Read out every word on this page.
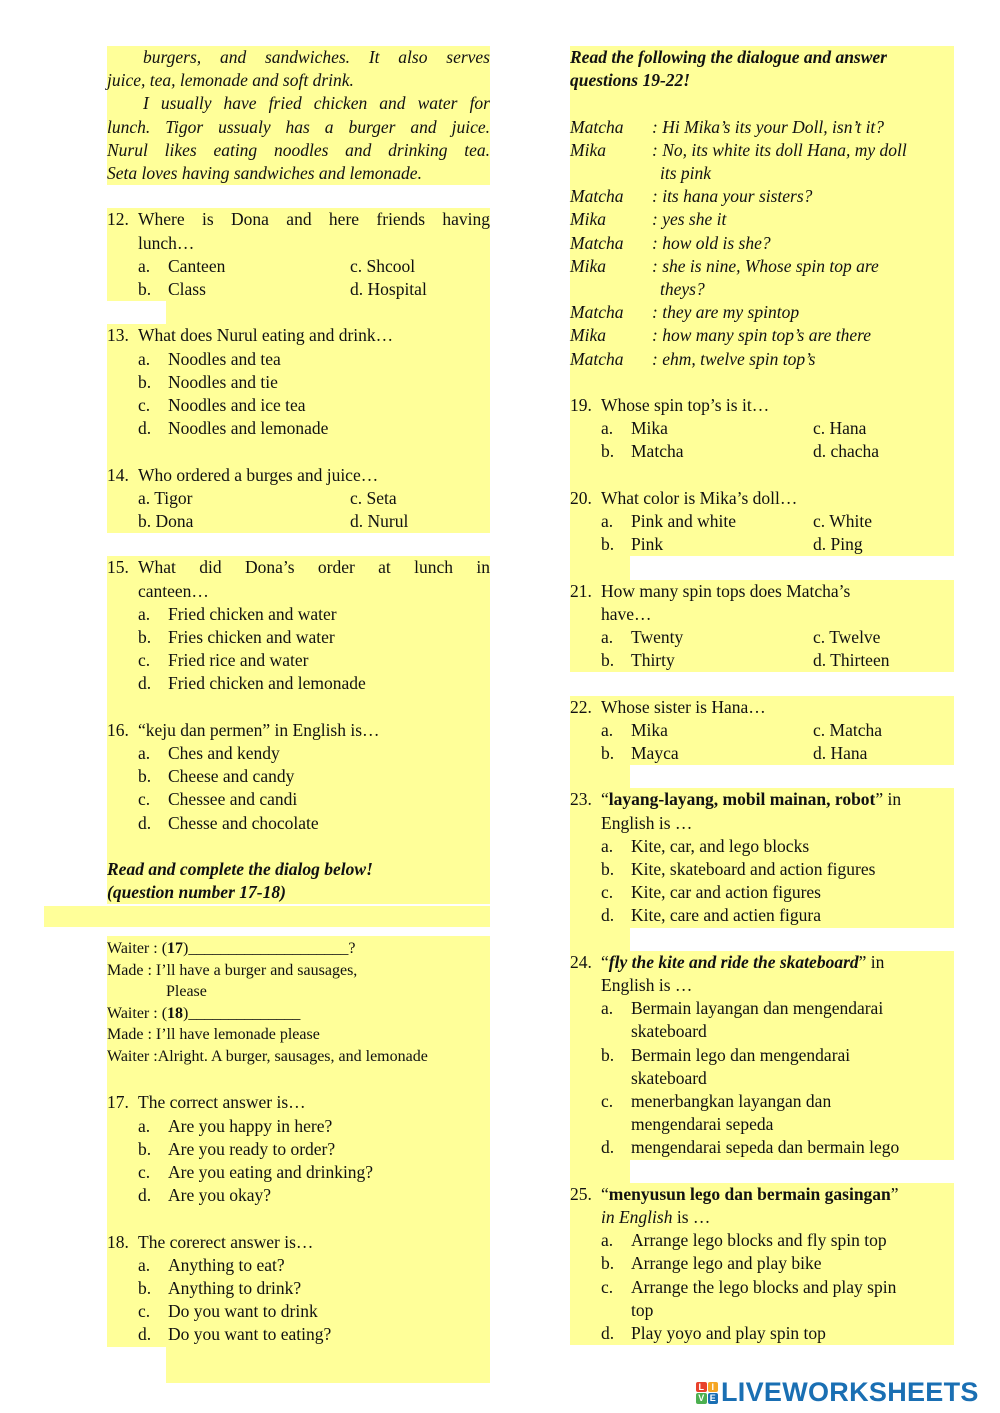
burgers, and sandwiches. It also serves
juice, tea, lemonade and soft drink.
I usually have fried chicken and water for
lunch. Tigor ussualy has a burger and juice.
Nurul likes eating noodles and drinking tea.
Seta loves having sandwiches and lemonade.
12. Where is Dona and here friends having
lunch…
a.	Canteen	c. Shcool
b. Class	d. Hospital
13. What does Nurul eating and drink…
a.	Noodles and tea
b. Noodles and tie
c.	Noodles and ice tea
d. Noodles and lemonade
14. Who ordered a burges and juice…
a. Tigor	c. Seta
b. Dona	d. Nurul
15. What did Dona’s order at lunch in
canteen…
a.	Fried chicken and water
b. Fries chicken and water
c.	Fried rice and water
d. Fried chicken and lemonade
16. “keju dan permen” in English is…
a.	Ches and kendy
b. Cheese and candy
c.	Chessee and candi
d. Chesse and chocolate
Read and complete the dialog below!
(question number 17-18)
Waiter : (17)____________________?
Made : I’ll have a burger and sausages,
Please
Waiter : (18)______________
Made : I’ll have lemonade please
Waiter :Alright. A burger, sausages, and lemonade
17. The correct answer is…
a.	Are you happy in here?
b. Are you ready to order?
c.	Are you eating and drinking?
d. Are you okay?
18. The corerect answer is…
a.	Anything to eat?
b. Anything to drink?
c.	Do you want to drink
d. Do you want to eating?
Read the following the dialogue and answer
questions 19-22!
Matcha	: Hi Mika’s its your Doll, isn’t it?
Mika	: No, its white its doll Hana, my doll
its pink
Matcha	: its hana your sisters?
Mika	: yes she it
Matcha	: how old is she?
Mika	: she is nine, Whose spin top are
theys?
Matcha	: they are my spintop
Mika	: how many spin top’s are there
Matcha	: ehm, twelve spin top’s
19. Whose spin top’s is it…
a.	Mika	c. Hana
b. Matcha	d. chacha
20. What color is Mika’s doll…
a.	Pink and white	c. White
b. Pink	d. Ping
21. How many spin tops does Matcha’s
have…
a.	Twenty	c. Twelve
b. Thirty	d. Thirteen
22. Whose sister is Hana…
a.	Mika	c. Matcha
b. Mayca	d. Hana
23. “layang-layang, mobil mainan, robot” in
English is …
a.	Kite, car, and lego blocks
b. Kite, skateboard and action figures
c.	Kite, car and action figures
d. Kite, care and actien figura
24. “fly the kite and ride the skateboard” in
English is …
a.	Bermain layangan dan mengendarai
skateboard
b. Bermain lego dan mengendarai
skateboard
c.	menerbangkan layangan dan
mengendarai sepeda
d. mengendarai sepeda dan bermain lego
25. “menyusun lego dan bermain gasingan”
in English is …
a.	Arrange lego blocks and fly spin top
b. Arrange lego and play bike
c.	Arrange the lego blocks and play spin
top
d. Play yoyo and play spin top
L I
V E LIVEWORKSHEETS
